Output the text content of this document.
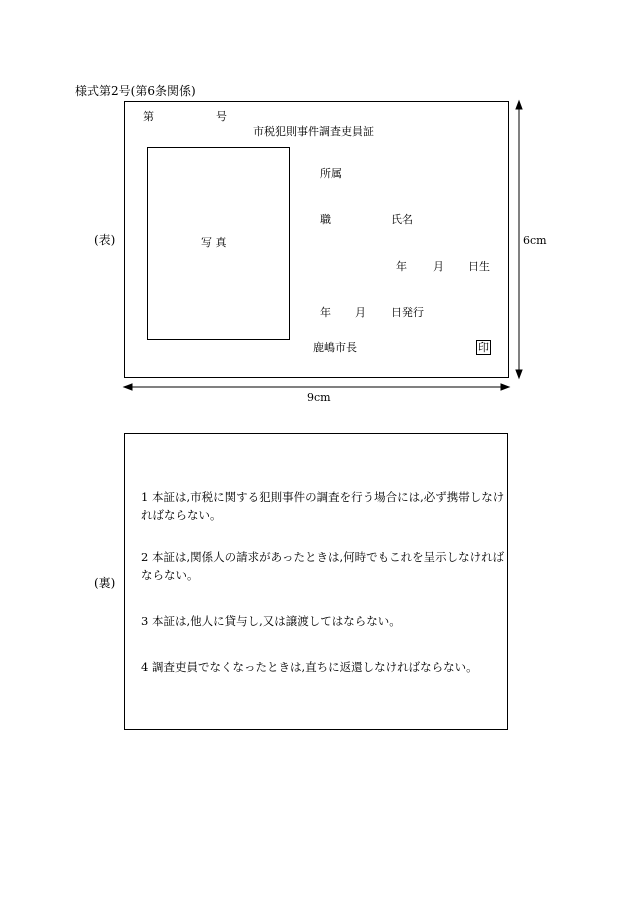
様式第2号(第6条関係)
(表)
第	号
市税犯則事件調査吏員証
写 真
所属
職	氏名
年 月 日生
年 月 日発行
鹿嶋市長	印
6cm
9cm
(裏)
1 本証は,市税に関する犯則事件の調査を行う場合には,必ず携帯しなければならない。
2 本証は,関係人の請求があったときは,何時でもこれを呈示しなければならない。
3 本証は,他人に貸与し,又は譲渡してはならない。
4 調査吏員でなくなったときは,直ちに返還しなければならない。
